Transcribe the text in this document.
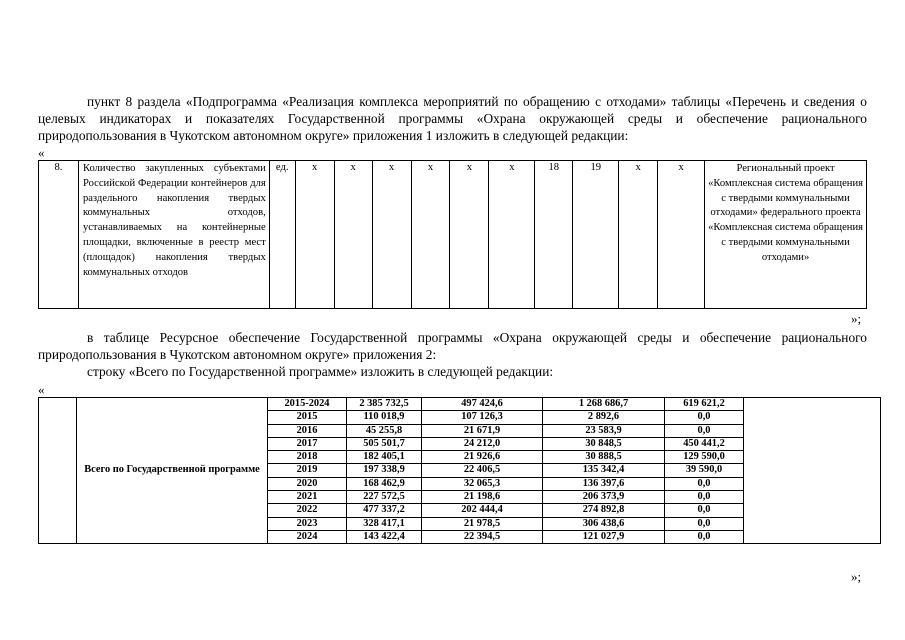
пункт 8 раздела «Подпрограмма «Реализация комплекса мероприятий по обращению с отходами» таблицы «Перечень и сведения о целевых индикаторах и показателях Государственной программы «Охрана окружающей среды и обеспечение рационального природопользования в Чукотском автономном округе» приложения 1 изложить в следующей редакции:
«
8.	Количество закупленных субъектами Российской Федерации контейнеров для раздельного накопления твердых коммунальных отходов, устанавливаемых на контейнерные площадки, включенные в реестр мест (площадок) накопления твердых коммунальных отходов	ед.	х	х	х	х	х	х	18	19	х	х	Региональный проект «Комплексная система обращения с твердыми коммунальными отходами» федерального проекта «Комплексная система обращения с твердыми коммунальными отходами»
»;
в таблице Ресурсное обеспечение Государственной программы «Охрана окружающей среды и обеспечение рационального природопользования в Чукотском автономном округе» приложения 2:
строку «Всего по Государственной программе» изложить в следующей редакции:
«
	Всего по Государственной программе	2015-2024	2 385 732,5	497 424,6	1 268 686,7	619 621,2	
		2015	110 018,9	107 126,3	2 892,6	0,0	
		2016	45 255,8	21 671,9	23 583,9	0,0	
		2017	505 501,7	24 212,0	30 848,5	450 441,2	
		2018	182 405,1	21 926,6	30 888,5	129 590,0	
		2019	197 338,9	22 406,5	135 342,4	39 590,0	
		2020	168 462,9	32 065,3	136 397,6	0,0	
		2021	227 572,5	21 198,6	206 373,9	0,0	
		2022	477 337,2	202 444,4	274 892,8	0,0	
		2023	328 417,1	21 978,5	306 438,6	0,0	
		2024	143 422,4	22 394,5	121 027,9	0,0	
»;
